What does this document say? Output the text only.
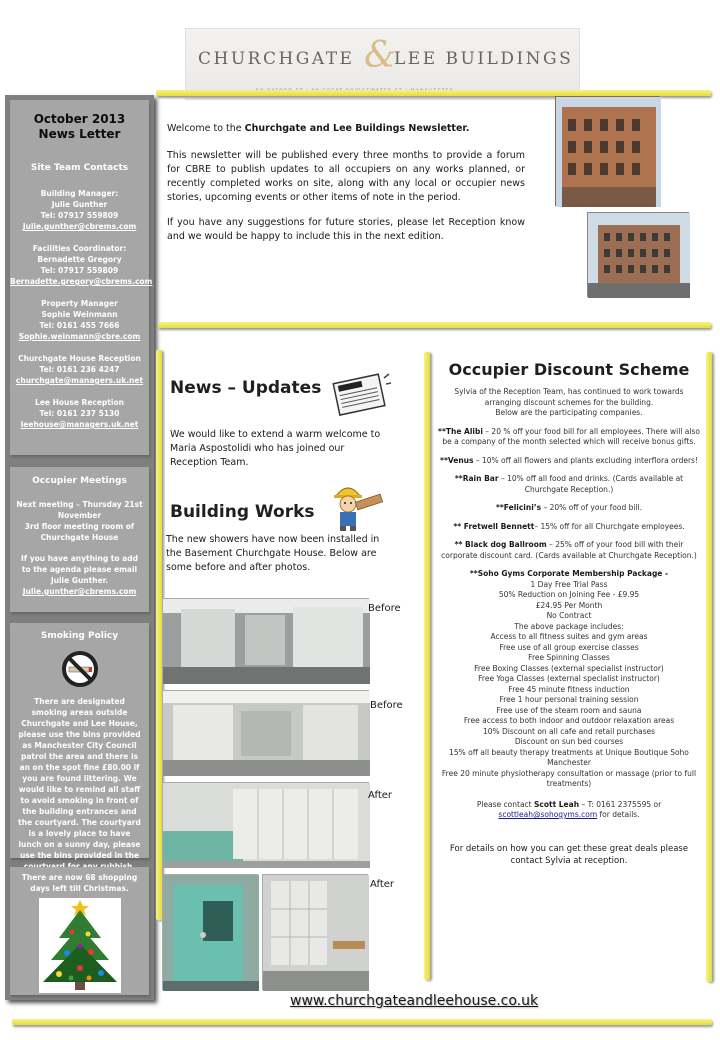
CHURCHGATE &
LEE BUILDINGS
October 2013
News Letter
Site Team Contacts
Building Manager:
Julie Gunther
Tel: 07917 559809
Julie.gunther@cbrems.com
Facilities Coordinator:
Bernadette Gregory
Tel: 07917 559809
Bernadette.gregory@cbrems.com
Property Manager
Sophie Weinmann
Tel: 0161 455 7666
Sophie.weinmann@cbre.com
Churchgate House Reception
Tel: 0161 236 4247
churchgate@managers.uk.net
Lee House Reception
Tel: 0161 237 5130
leehouse@managers.uk.net
Occupier Meetings
Next meeting – Thursday 21st November
3rd floor meeting room of Churchgate House
If you have anything to add to the agenda please email Julie Gunther.
Julie.gunther@cbrems.com
Smoking Policy
There are designated smoking areas outside Churchgate and Lee House, please use the bins provided as Manchester City Council patrol the area and there is an on the spot fine £80.00 if you are found littering. We would like to remind all staff to avoid smoking in front of the building entrances and the courtyard. The courtyard is a lovely place to have lunch on a sunny day, please use the bins provided in the
There are now 68 shopping days left till Christmas.
Welcome to the Churchgate and Lee Buildings Newsletter.
This newsletter will be published every three months to provide a forum for CBRE to publish updates to all occupiers on any works planned, or recently completed works on site, along with any local or occupier news stories, upcoming events or other items of note in the period.
If you have any suggestions for future stories, please let Reception know and we would be happy to include this in the next edition.
News – Updates
We would like to extend a warm welcome to Maria Aspostolidi who has joined our Reception Team.
Building Works
The new showers have now been installed in the Basement Churchgate House. Below are some before and after photos.
Before
Before
After
After
Occupier Discount Scheme
Sylvia of the Reception Team, has continued to work towards arranging discount schemes for the building.
Below are the participating companies.
**The Alibi – 20 % off your food bill for all employees. There will also be a company of the month selected which will receive bonus gifts.
**Venus – 10% off all flowers and plants excluding interflora orders!
**Rain Bar – 10% off all food and drinks. (Cards available at Churchgate Reception.)
**Felicini’s – 20% off of your food bill.
** Fretwell Bennett– 15% off for all Churchgate employees.
** Black dog Ballroom – 25% off of your food bill with their corporate discount card. (Cards available at Churchgate Reception.)
**Soho Gyms Corporate Membership Package -
1 Day Free Trial Pass
50% Reduction on Joining Fee - £9.95
£24.95 Per Month
No Contract
The above package includes:
Access to all fitness suites and gym areas
Free use of all group exercise classes
Free Spinning Classes
Free Boxing Classes (external specialist instructor)
Free Yoga Classes (external specialist instructor)
Free 45 minute fitness induction
Free 1 hour personal training session
Free use of the steam room and sauna
Free access to both indoor and outdoor relaxation areas
10% Discount on all cafe and retail purchases
Discount on sun bed courses
15% off all beauty therapy treatments at Unique Boutique Soho Manchester
Free 20 minute physiotherapy consultation or massage (prior to full treatments)
Please contact Scott Leah – T: 0161 2375595 or
scottleah@sohogyms.com for details.
For details on how you can get these great deals please contact Sylvia at reception.
www.churchgateandleehouse.co.uk
